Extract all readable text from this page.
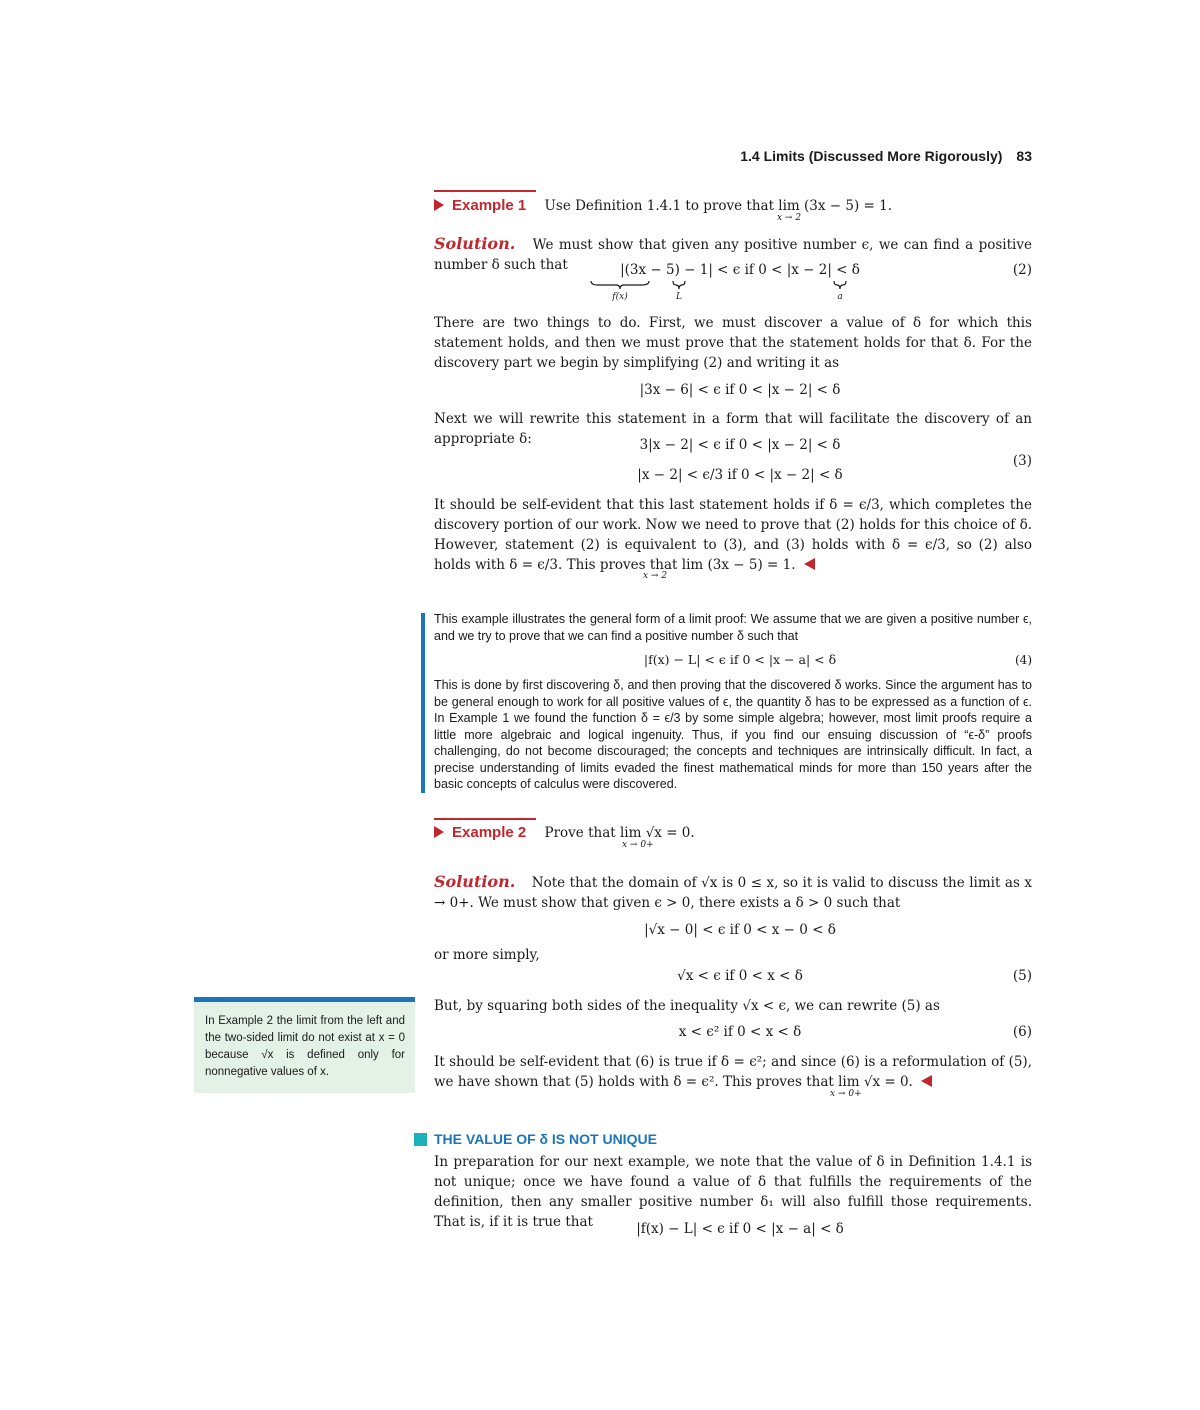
1.4 Limits (Discussed More Rigorously) 83
Example 1 Use Definition 1.4.1 to prove that lim (3x − 5) = 1.
x → 2
Solution. We must show that given any positive number ϵ, we can find a positive number δ such that	|(3x − 5) − 1| < ϵ if 0 < |x − 2| < δ	(2)
f(x)	L	a
There are two things to do. First, we must discover a value of δ for which this statement holds, and then we must prove that the statement holds for that δ. For the discovery part we begin by simplifying (2) and writing it as
|3x − 6| < ϵ if 0 < |x − 2| < δ
Next we will rewrite this statement in a form that will facilitate the discovery of an appropriate δ:	3|x − 2| < ϵ if 0 < |x − 2| < δ
|x − 2| < ϵ/3 if 0 < |x − 2| < δ
(3)
It should be self-evident that this last statement holds if δ = ϵ/3, which completes the discovery portion of our work. Now we need to prove that (2) holds for this choice of δ. However, statement (2) is equivalent to (3), and (3) holds with δ = ϵ/3, so (2) also holds with δ = ϵ/3. This proves that lim (3x − 5) = 1.
x → 2
This example illustrates the general form of a limit proof: We assume that we are given a positive number ϵ, and we try to prove that we can find a positive number δ such that
|f(x) − L| < ϵ if 0 < |x − a| < δ	(4)
This is done by first discovering δ, and then proving that the discovered δ works. Since the argument has to be general enough to work for all positive values of ϵ, the quantity δ has to be expressed as a function of ϵ. In Example 1 we found the function δ = ϵ/3 by some simple algebra; however, most limit proofs require a little more algebraic and logical ingenuity. Thus, if you find our ensuing discussion of “ϵ-δ” proofs challenging, do not become discouraged; the concepts and techniques are intrinsically difficult. In fact, a precise understanding of limits evaded the finest mathematical minds for more than 150 years after the basic concepts of calculus were discovered.
Example 2 Prove that lim √x = 0.
x → 0+
Solution. Note that the domain of √x is 0 ≤ x, so it is valid to discuss the limit as x → 0+. We must show that given ϵ > 0, there exists a δ > 0 such that
|√x − 0| < ϵ if 0 < x − 0 < δ
or more simply,
√x < ϵ if 0 < x < δ	(5)
But, by squaring both sides of the inequality √x < ϵ, we can rewrite (5) as
x < ϵ² if 0 < x < δ	(6)
It should be self-evident that (6) is true if δ = ϵ²; and since (6) is a reformulation of (5), we have shown that (5) holds with δ = ϵ². This proves that lim √x = 0.
x → 0+
In Example 2 the limit from the left and the two-sided limit do not exist at x = 0 because √x is defined only for nonnegative values of x.
THE VALUE OF δ IS NOT UNIQUE
In preparation for our next example, we note that the value of δ in Definition 1.4.1 is not unique; once we have found a value of δ that fulfills the requirements of the definition, then any smaller positive number δ₁ will also fulfill those requirements. That is, if it is true that	|f(x) − L| < ϵ if 0 < |x − a| < δ
